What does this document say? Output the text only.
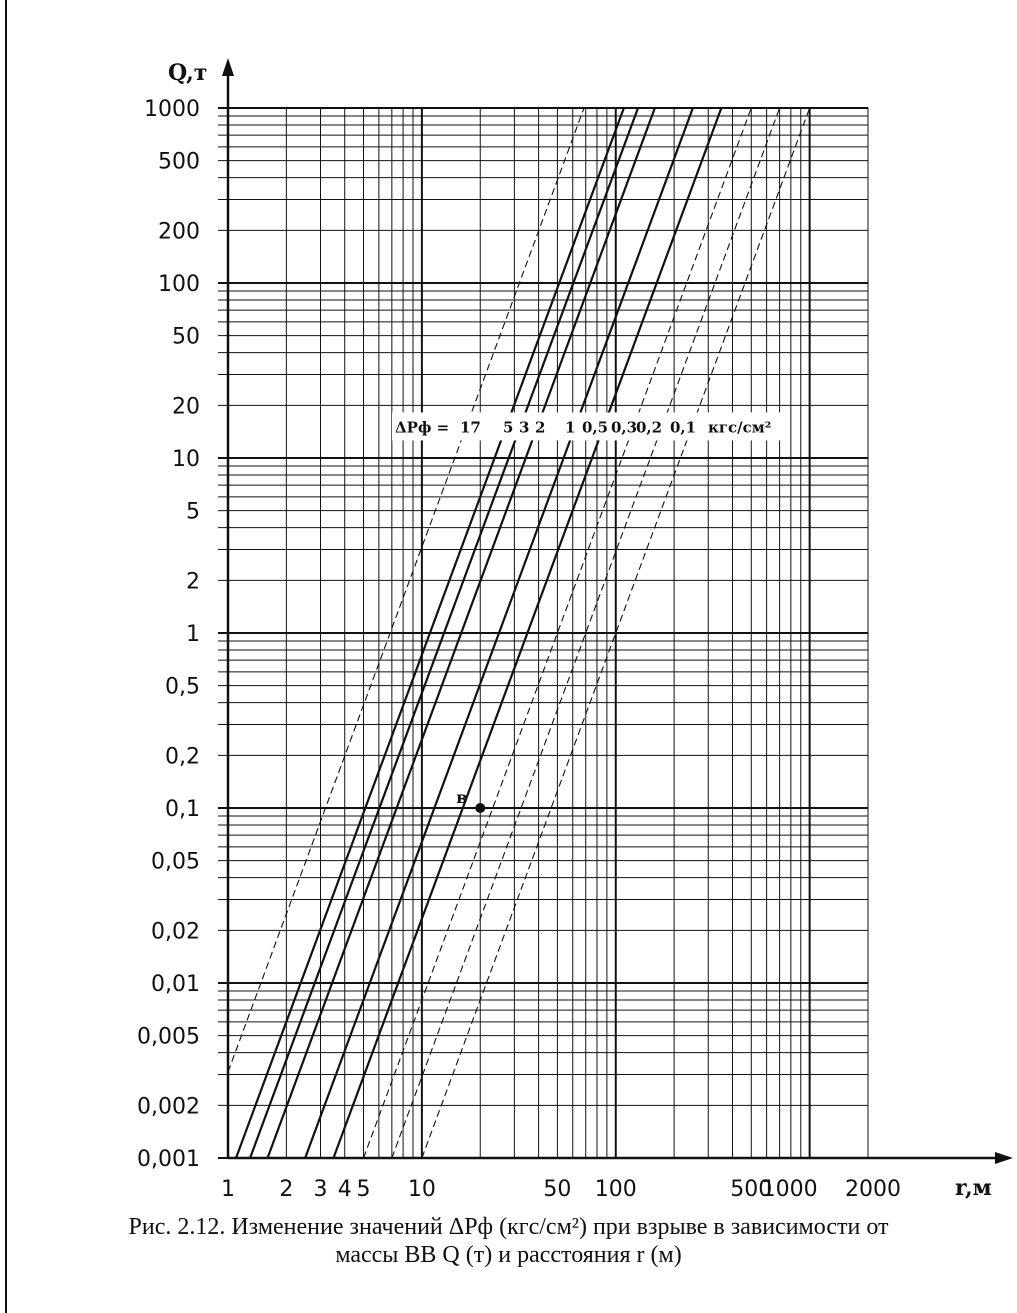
1000
500
200
100
50
20
10
5
2
1
0,5
0,2
0,1
0,05
0,02
0,01
0,005
0,002
0,001
1 2 3 4 5 10	50 100	500
1000 2000
ΔPф = 17 5 3 2 1 0,5 0,3
0,2 0,1 кгс/см²
Q,т
r,м
в
Рис. 2.12. Изменение значений ΔPф (кгс/см²) при взрыве в зависимости от
массы ВВ Q (т) и расстояния r (м)
